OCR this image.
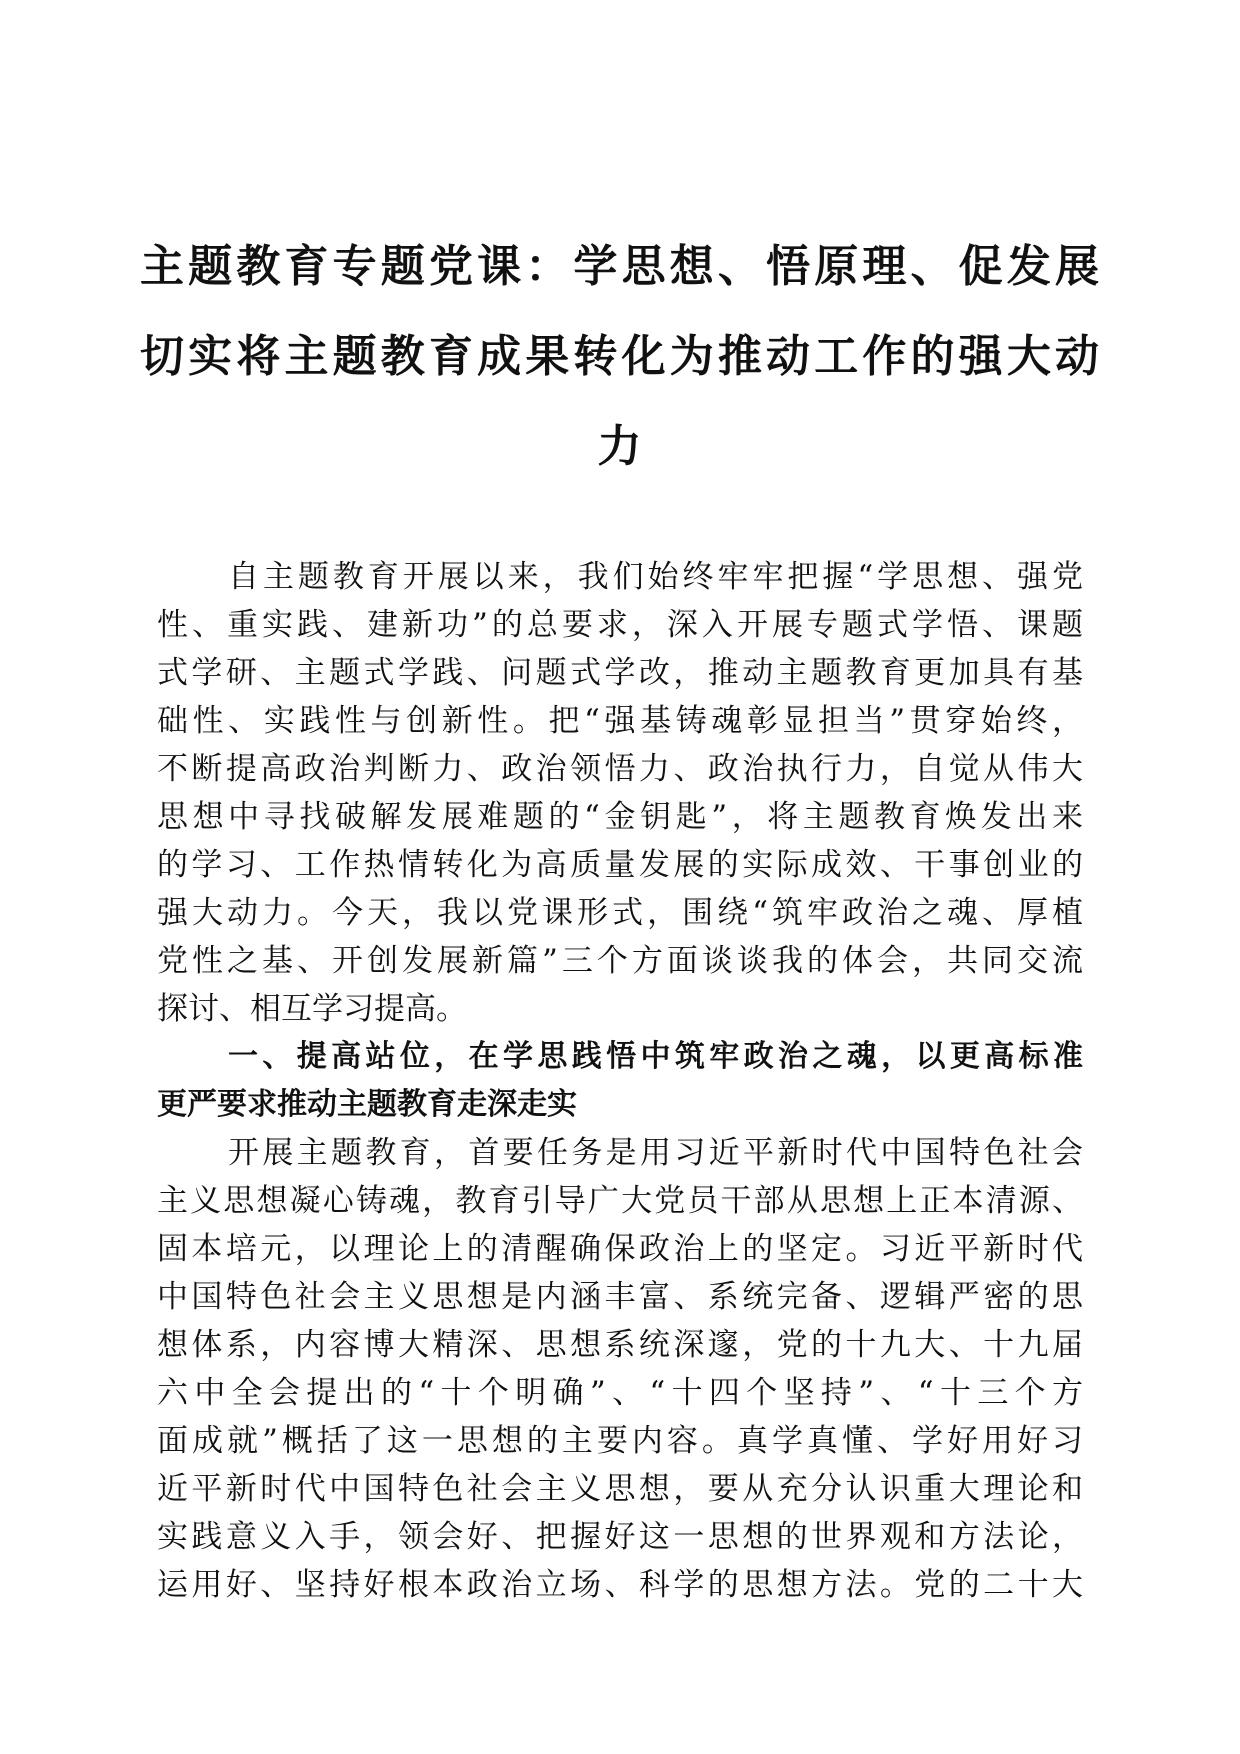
主题教育专题党课：学思想、悟原理、促发展
切实将主题教育成果转化为推动工作的强大动
力
自主题教育开展以来，我们始终牢牢把握“学思想、强党
性、重实践、建新功”的总要求，深入开展专题式学悟、课题
式学研、主题式学践、问题式学改，推动主题教育更加具有基
础性、实践性与创新性。把“强基铸魂彰显担当”贯穿始终，
不断提高政治判断力、政治领悟力、政治执行力，自觉从伟大
思想中寻找破解发展难题的“金钥匙”，将主题教育焕发出来
的学习、工作热情转化为高质量发展的实际成效、干事创业的
强大动力。今天，我以党课形式，围绕“筑牢政治之魂、厚植
党性之基、开创发展新篇”三个方面谈谈我的体会，共同交流
探讨、相互学习提高。
一、提高站位，在学思践悟中筑牢政治之魂，以更高标准
更严要求推动主题教育走深走实
开展主题教育，首要任务是用习近平新时代中国特色社会
主义思想凝心铸魂，教育引导广大党员干部从思想上正本清源、
固本培元，以理论上的清醒确保政治上的坚定。习近平新时代
中国特色社会主义思想是内涵丰富、系统完备、逻辑严密的思
想体系，内容博大精深、思想系统深邃，党的十九大、十九届
六中全会提出的“十个明确”、“十四个坚持”、“十三个方
面成就”概括了这一思想的主要内容。真学真懂、学好用好习
近平新时代中国特色社会主义思想，要从充分认识重大理论和
实践意义入手，领会好、把握好这一思想的世界观和方法论，
运用好、坚持好根本政治立场、科学的思想方法。党的二十大
